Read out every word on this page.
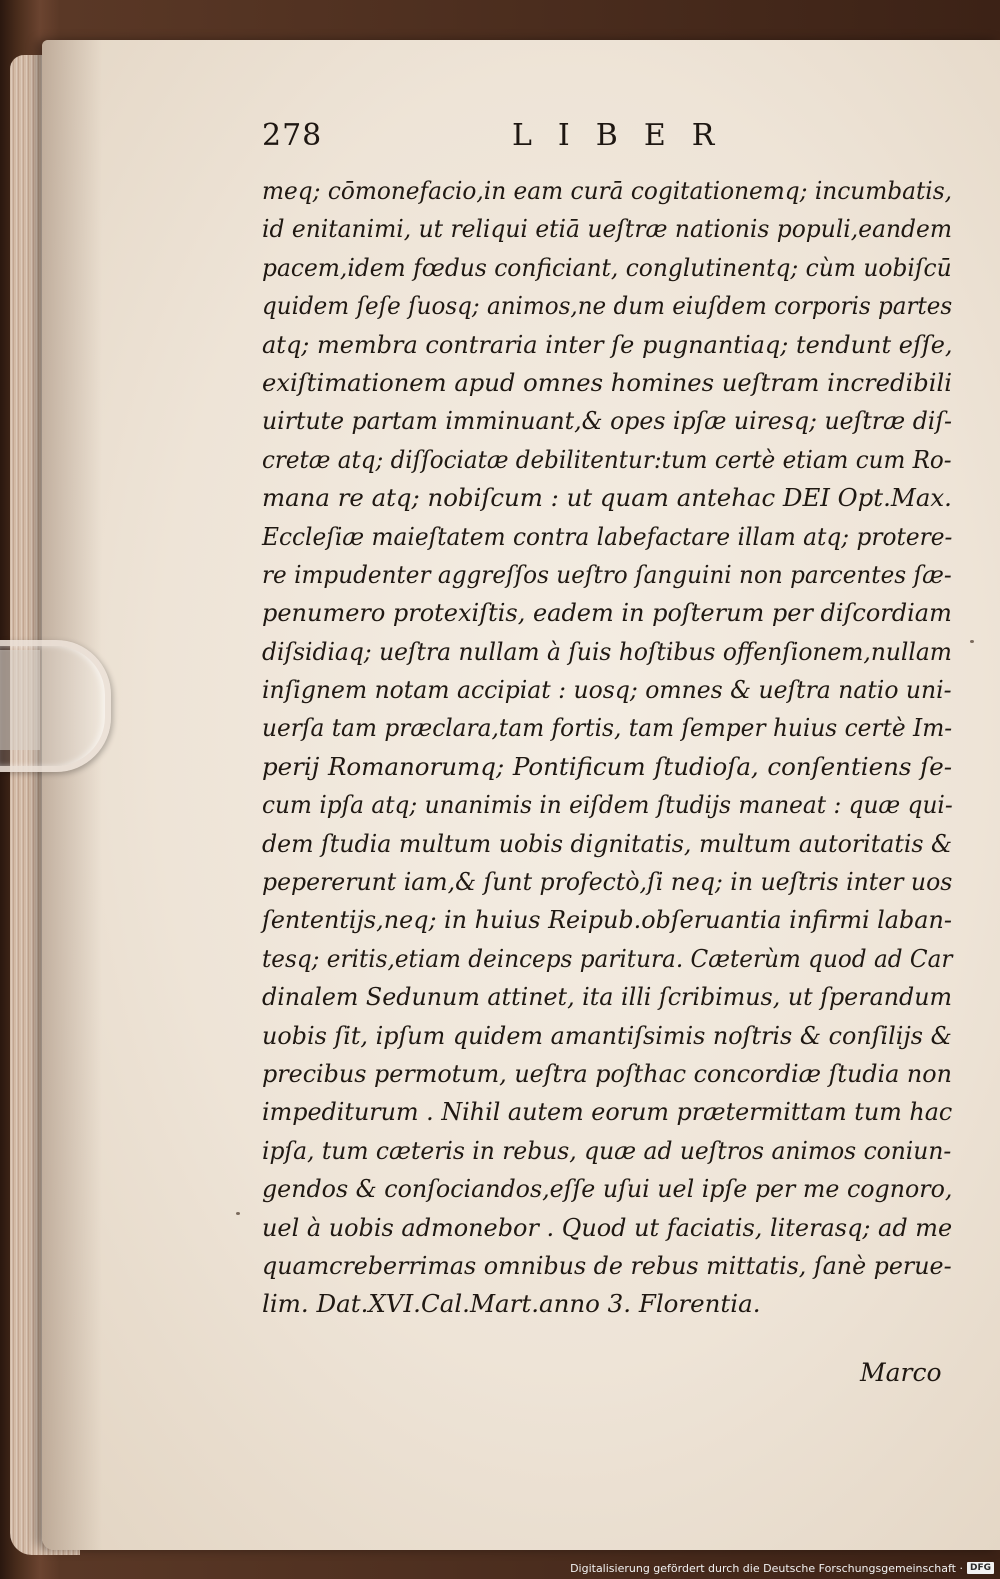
278	LIBER
meq; cōmonefacio,in eam curā cogitationemq; incumbatis,
id enitanimi, ut reliqui etiā ueſtræ nationis populi,eandem
pacem,idem fœdus conficiant, conglutinentq; cùm uobiſcū
quidem ſeſe ſuosq; animos,ne dum eiuſdem corporis partes
atq; membra contraria inter ſe pugnantiaq; tendunt eſſe,
exiſtimationem apud omnes homines ueſtram incredibili
uirtute partam imminuant,& opes ipſæ uiresq; ueſtræ diſ-
cretæ atq; diſſociatæ debilitentur:tum certè etiam cum Ro-
mana re atq; nobiſcum : ut quam antehac DEI Opt.Max.
Eccleſiæ maieſtatem contra labefactare illam atq; protere-
re impudenter aggreſſos ueſtro ſanguini non parcentes ſæ-
penumero protexiſtis, eadem in poſterum per diſcordiam
diſsidiaq; ueſtra nullam à ſuis hoſtibus offenſionem,nullam
inſignem notam accipiat : uosq; omnes & ueſtra natio uni-
uerſa tam præclara,tam fortis, tam ſemper huius certè Im-
perij Romanorumq; Pontificum ſtudioſa, conſentiens ſe-
cum ipſa atq; unanimis in eiſdem ſtudijs maneat : quæ qui-
dem ſtudia multum uobis dignitatis, multum autoritatis &
pepererunt iam,& ſunt profectò,ſi neq; in ueſtris inter uos
ſententijs,neq; in huius Reipub.obſeruantia infirmi laban-
tesq; eritis,etiam deinceps paritura. Cæterùm quod ad Car
dinalem Sedunum attinet, ita illi ſcribimus, ut ſperandum
uobis ſit, ipſum quidem amantiſsimis noſtris & conſilijs &
precibus permotum, ueſtra poſthac concordiæ ſtudia non
impediturum . Nihil autem eorum prætermittam tum hac
ipſa, tum cæteris in rebus, quæ ad ueſtros animos coniun-
gendos & conſociandos,eſſe uſui uel ipſe per me cognoro,
uel à uobis admonebor . Quod ut faciatis, literasq; ad me
quamcreberrimas omnibus de rebus mittatis, ſanè perue-
lim. Dat.XVI.Cal.Mart.anno 3. Florentia.
Marco
Digitalisierung gefördert durch die Deutsche Forschungsgemeinschaft · DFG
